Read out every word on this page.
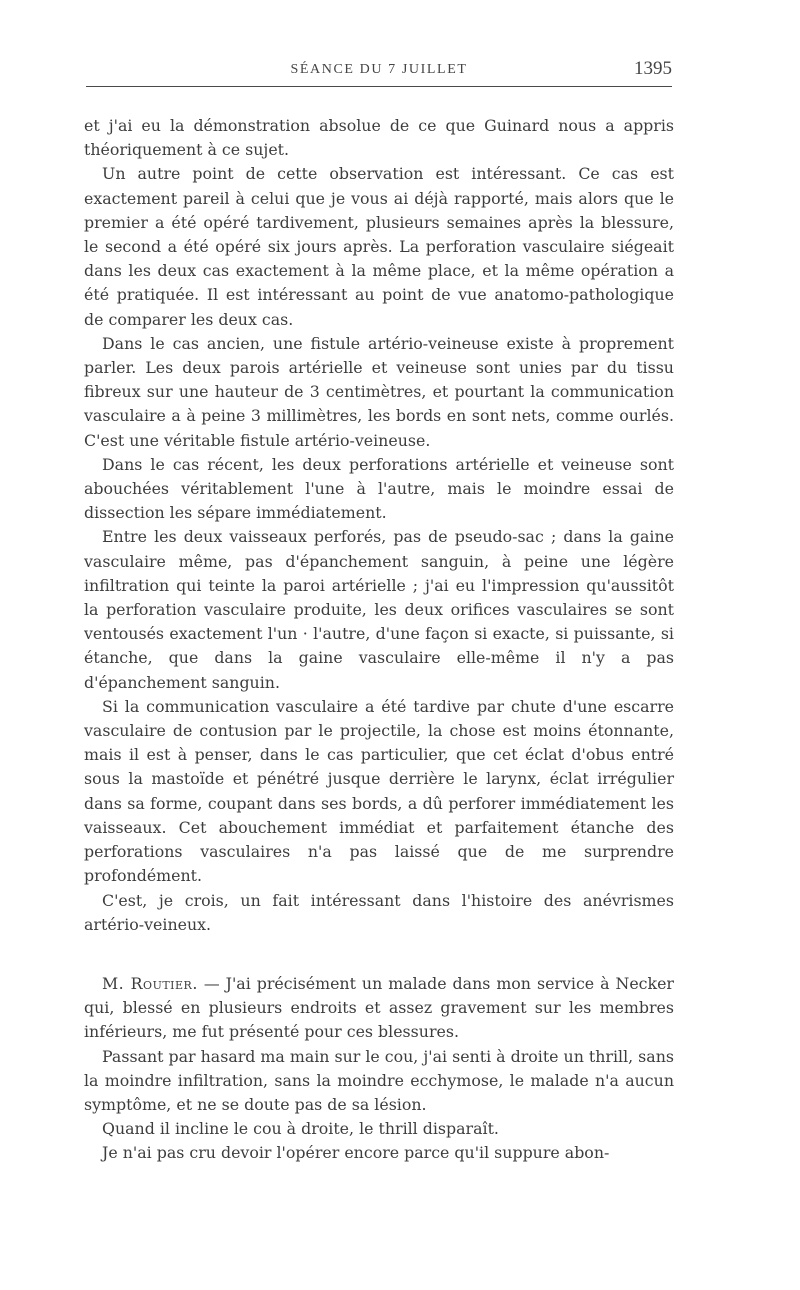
SÉANCE DU 7 JUILLET	1395

et j'ai eu la démonstration absolue de ce que Guinard nous a appris théoriquement à ce sujet.

Un autre point de cette observation est intéressant. Ce cas est exactement pareil à celui que je vous ai déjà rapporté, mais alors que le premier a été opéré tardivement, plusieurs semaines après la blessure, le second a été opéré six jours après. La perforation vasculaire siégeait dans les deux cas exactement à la même place, et la même opération a été pratiquée. Il est intéressant au point de vue anatomo-pathologique de comparer les deux cas.

Dans le cas ancien, une fistule artério-veineuse existe à proprement parler. Les deux parois artérielle et veineuse sont unies par du tissu fibreux sur une hauteur de 3 centimètres, et pourtant la communication vasculaire a à peine 3 millimètres, les bords en sont nets, comme ourlés. C'est une véritable fistule artério-veineuse.

Dans le cas récent, les deux perforations artérielle et veineuse sont abouchées véritablement l'une à l'autre, mais le moindre essai de dissection les sépare immédiatement.

Entre les deux vaisseaux perforés, pas de pseudo-sac ; dans la gaine vasculaire même, pas d'épanchement sanguin, à peine une légère infiltration qui teinte la paroi artérielle ; j'ai eu l'impression qu'aussitôt la perforation vasculaire produite, les deux orifices vasculaires se sont ventousés exactement l'un · l'autre, d'une façon si exacte, si puissante, si étanche, que dans la gaine vasculaire elle-même il n'y a pas d'épanchement sanguin.

Si la communication vasculaire a été tardive par chute d'une escarre vasculaire de contusion par le projectile, la chose est moins étonnante, mais il est à penser, dans le cas particulier, que cet éclat d'obus entré sous la mastoïde et pénétré jusque derrière le larynx, éclat irrégulier dans sa forme, coupant dans ses bords, a dû perforer immédiatement les vaisseaux. Cet abouchement immédiat et parfaitement étanche des perforations vasculaires n'a pas laissé que de me surprendre profondément.

C'est, je crois, un fait intéressant dans l'histoire des anévrismes artério-veineux.

M. Routier. — J'ai précisément un malade dans mon service à Necker qui, blessé en plusieurs endroits et assez gravement sur les membres inférieurs, me fut présenté pour ces blessures.

Passant par hasard ma main sur le cou, j'ai senti à droite un thrill, sans la moindre infiltration, sans la moindre ecchymose, le malade n'a aucun symptôme, et ne se doute pas de sa lésion.

Quand il incline le cou à droite, le thrill disparaît.

Je n'ai pas cru devoir l'opérer encore parce qu'il suppure abon-
